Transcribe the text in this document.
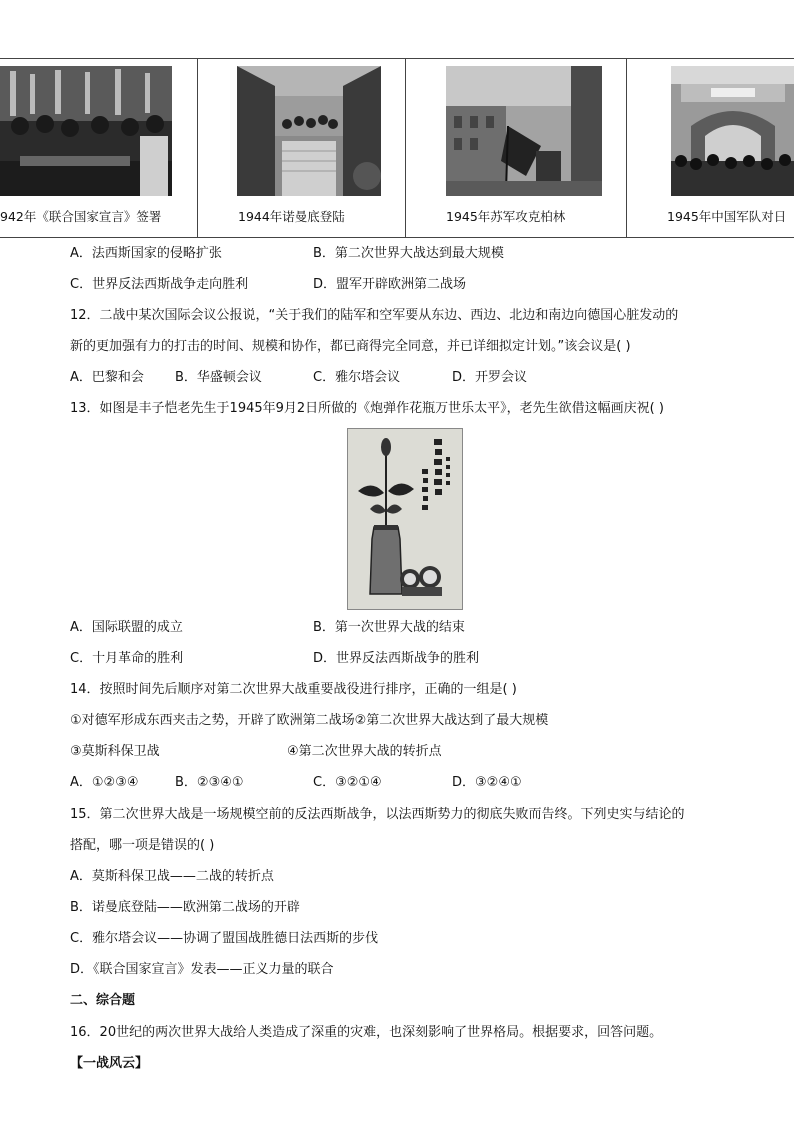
942年《联合国家宣言》签署	1944年诺曼底登陆	1945年苏军攻克柏林	1945年中国军队对日
A．法西斯国家的侵略扩张	B．第二次世界大战达到最大规模
C．世界反法西斯战争走向胜利	D．盟军开辟欧洲第二战场
12．二战中某次国际会议公报说，“关于我们的陆军和空军要从东边、西边、北边和南边向德国心脏发动的
新的更加强有力的打击的时间、规模和协作，都已商得完全同意，并已详细拟定计划。”该会议是( )
A．巴黎和会 B．华盛顿会议	C．雅尔塔会议	D．开罗会议
13．如图是丰子恺老先生于1945年9月2日所做的《炮弹作花瓶万世乐太平》，老先生欲借这幅画庆祝( )
A．国际联盟的成立	B．第一次世界大战的结束
C．十月革命的胜利	D．世界反法西斯战争的胜利
14．按照时间先后顺序对第二次世界大战重要战役进行排序，正确的一组是( )
①对德军形成东西夹击之势，开辟了欧洲第二战场②第二次世界大战达到了最大规模
③莫斯科保卫战	④第二次世界大战的转折点
A．①②③④	B．②③④①	C．③②①④	D．③②④①
15．第二次世界大战是一场规模空前的反法西斯战争，以法西斯势力的彻底失败而告终。下列史实与结论的
搭配，哪一项是错误的( )
A．莫斯科保卫战——二战的转折点
B．诺曼底登陆——欧洲第二战场的开辟
C．雅尔塔会议——协调了盟国战胜德日法西斯的步伐
D．《联合国家宣言》发表——正义力量的联合
二、综合题
16．20世纪的两次世界大战给人类造成了深重的灾难，也深刻影响了世界格局。根据要求，回答问题。
【一战风云】
